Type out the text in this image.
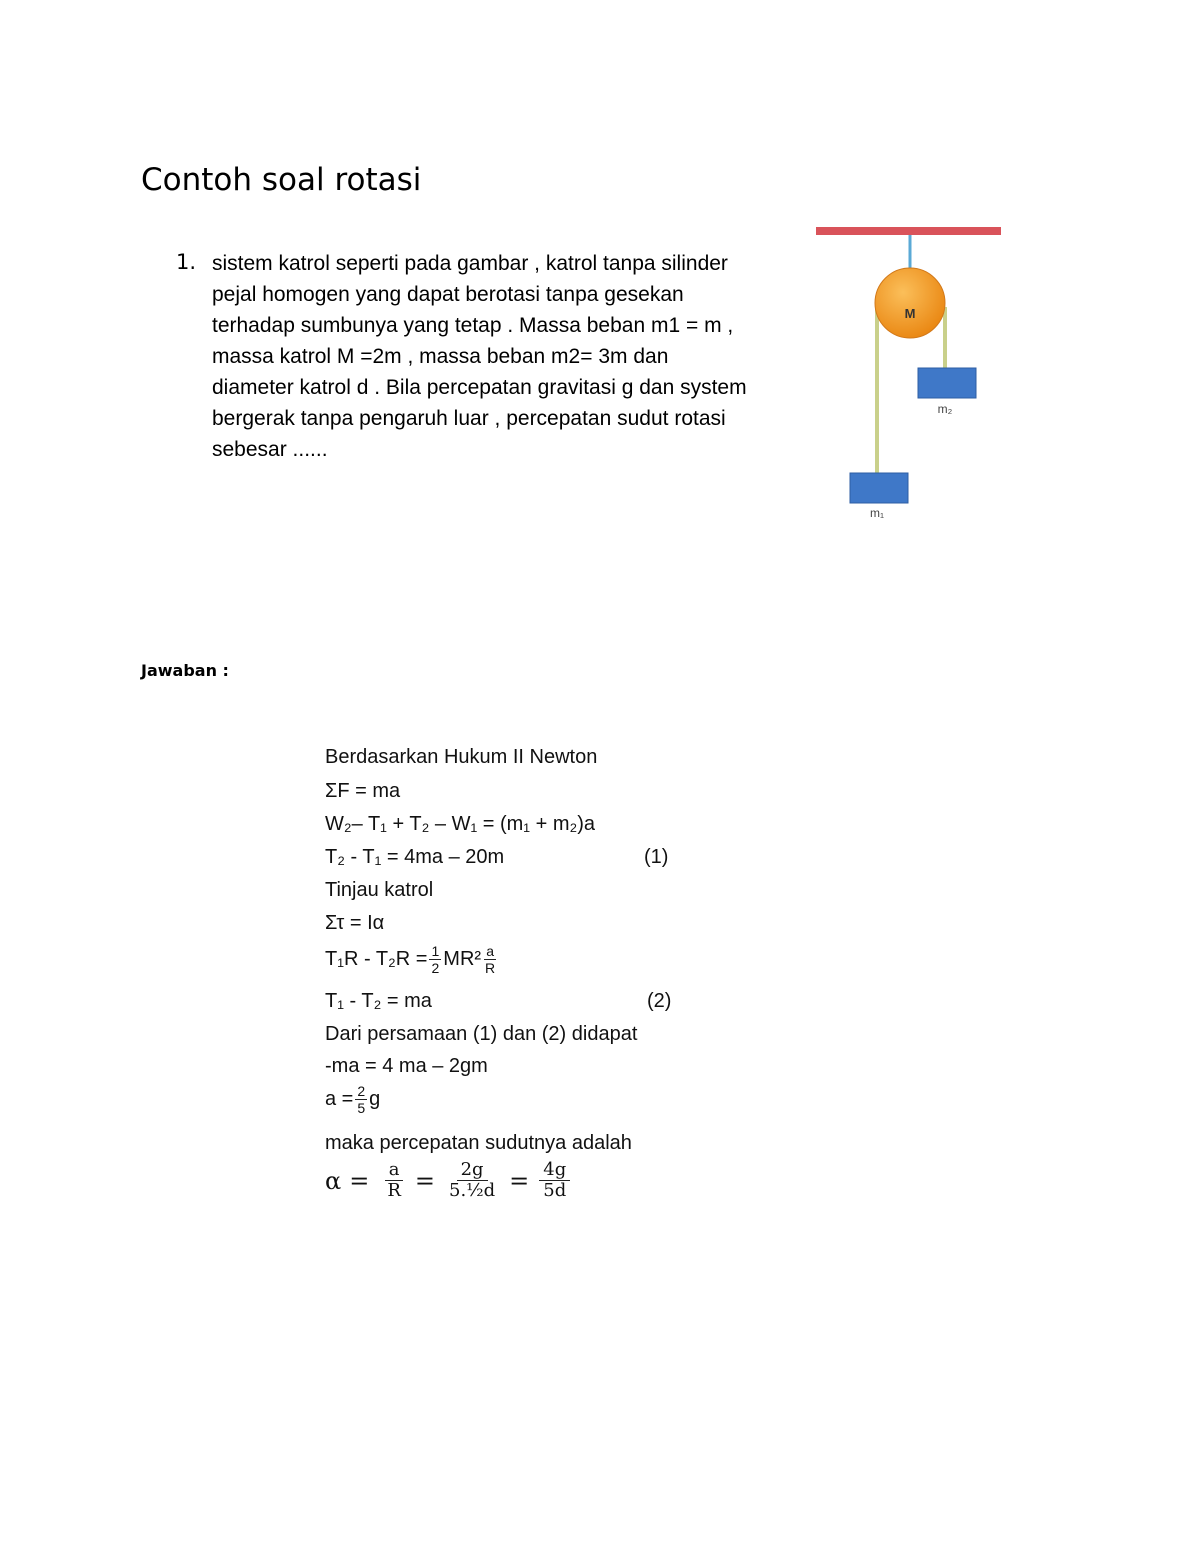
Contoh soal rotasi
1. sistem katrol seperti pada gambar , katrol tanpa silinder
pejal homogen yang dapat berotasi tanpa gesekan
terhadap sumbunya yang tetap . Massa beban m1 = m ,
massa katrol M =2m , massa beban m2= 3m dan
diameter katrol d . Bila percepatan gravitasi g dan system
bergerak tanpa pengaruh luar , percepatan sudut rotasi
sebesar ......
M
m₂
m₁
Jawaban :
Berdasarkan Hukum II Newton
ΣF = ma
W₂– T₁ + T₂ – W₁ = (m₁ + m₂)a
T₂ - T₁ = 4ma – 20m	(1)
Tinjau katrol
Στ = Iα
$T_1R - T_2R = \frac{1}{2} MR^2 \frac{a}{R}$
T₁ - T₂ = ma	(2)
Dari persamaan (1) dan (2) didapat
-ma = 4 ma – 2gm
$a = \frac{2}{5}$ g
maka percepatan sudutnya adalah
$\alpha = \frac{a}{R} = \frac{2g}{\text{5.½d}} = \frac{4g}{5d}$
